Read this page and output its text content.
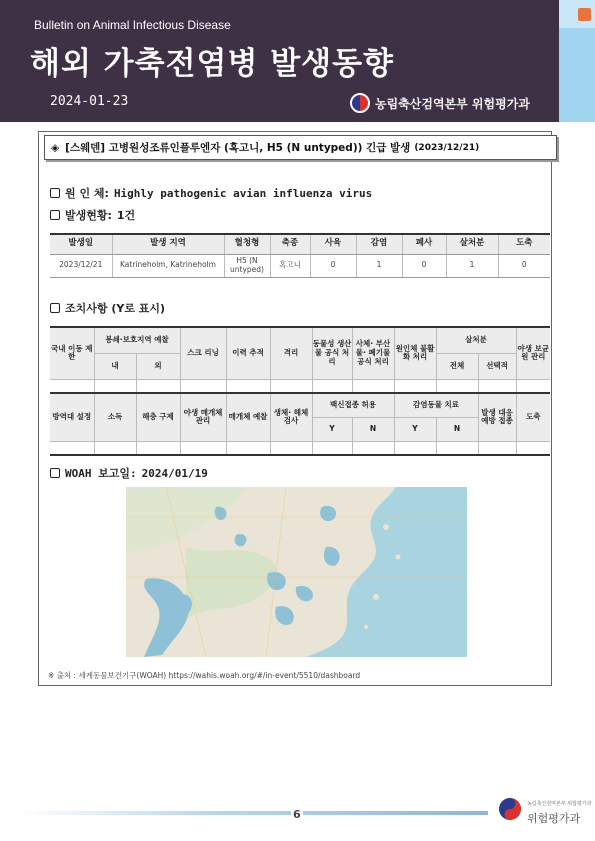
Bulletin on Animal Infectious Disease
해외 가축전염병 발생동향
2024-01-23	농림축산검역본부 위험평가과
◈ [스웨덴] 고병원성조류인플루엔자 (혹고니, H5 (N untyped)) 긴급 발생 (2023/12/21)
원 인 체: Highly pathogenic avian influenza virus
발생현황: 1건
발생일	발생 지역	혈청형	축종	사육	감염	폐사	살처분	도축
2023/12/21	Katrineholm, Katrineholm	H5 (N untyped)	혹고니	0	1	0	1	0
조치사항 (Y로 표시)
국내 이동 제한	봉쇄·보호지역 예찰		스크 리닝	이력 추적	격리	동물성 생산물 공식 처리	사체· 부산물· 폐기물 공식 처리	원인체 불활화 처리	살처분		야생 보균원 관리
	내	외							전체	선택적	

방역대 설정	소독	해충 구제	야생 매개체 관리	매개체 예찰	생체· 해체 검사	백신접종 허용		감염동물 치료		발생 대응 예방 접종	도축
						Y	N	Y	N		

WOAH 보고일: 2024/01/19
※ 출처 : 세계동물보건기구(WOAH) https://wahis.woah.org/#/in-event/5510/dashboard
6
농림축산검역본부 위험평가과
위험평가과
